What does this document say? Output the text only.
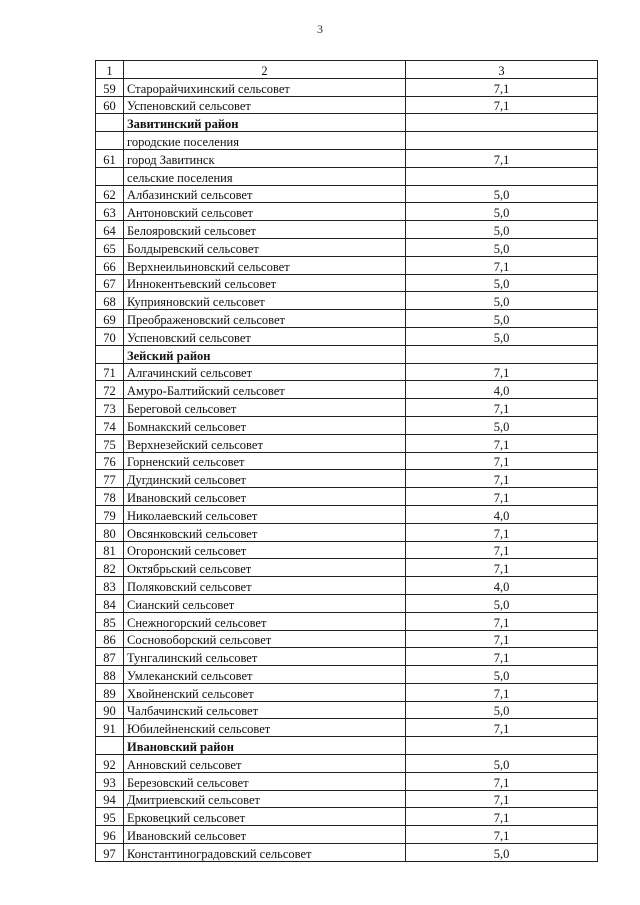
3
1	2	3
59	Старорайчихинский сельсовет	7,1
60	Успеновский сельсовет	7,1
	Завитинский район	
	городские поселения	
61	город Завитинск	7,1
	сельские поселения	
62	Албазинский сельсовет	5,0
63	Антоновский сельсовет	5,0
64	Белояровский сельсовет	5,0
65	Болдыревский сельсовет	5,0
66	Верхнеильиновский сельсовет	7,1
67	Иннокентьевский сельсовет	5,0
68	Куприяновский сельсовет	5,0
69	Преображеновский сельсовет	5,0
70	Успеновский сельсовет	5,0
	Зейский район	
71	Алгачинский сельсовет	7,1
72	Амуро-Балтийский сельсовет	4,0
73	Береговой сельсовет	7,1
74	Бомнакский сельсовет	5,0
75	Верхнезейский сельсовет	7,1
76	Горненский сельсовет	7,1
77	Дугдинский сельсовет	7,1
78	Ивановский сельсовет	7,1
79	Николаевский сельсовет	4,0
80	Овсянковский сельсовет	7,1
81	Огоронский сельсовет	7,1
82	Октябрьский сельсовет	7,1
83	Поляковский сельсовет	4,0
84	Сианский сельсовет	5,0
85	Снежногорский сельсовет	7,1
86	Сосновоборский сельсовет	7,1
87	Тунгалинский сельсовет	7,1
88	Умлеканский сельсовет	5,0
89	Хвойненский сельсовет	7,1
90	Чалбачинский сельсовет	5,0
91	Юбилейненский сельсовет	7,1
	Ивановский район	
92	Анновский сельсовет	5,0
93	Березовский сельсовет	7,1
94	Дмитриевский сельсовет	7,1
95	Ерковецкий сельсовет	7,1
96	Ивановский сельсовет	7,1
97	Константиноградовский сельсовет	5,0
